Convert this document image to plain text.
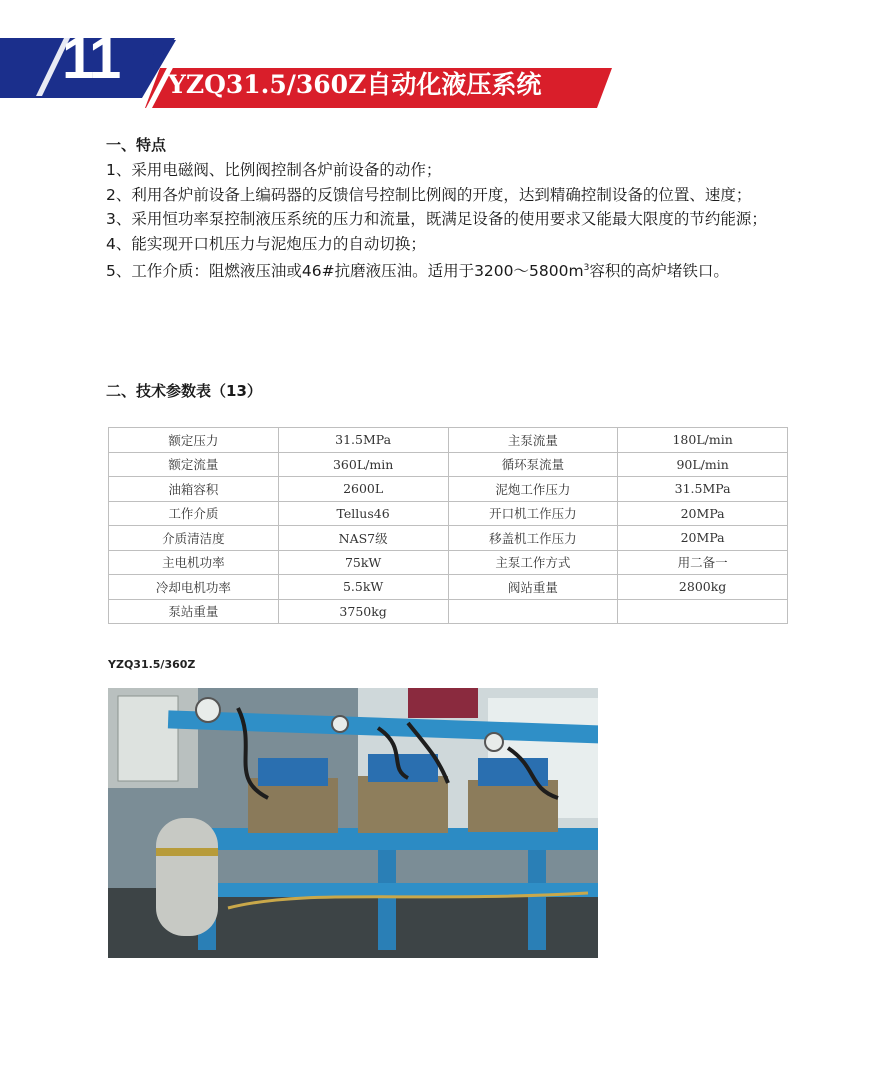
11 YZQ31.5/360Z自动化液压系统
一、特点

1、采用电磁阀、比例阀控制各炉前设备的动作；

2、利用各炉前设备上编码器的反馈信号控制比例阀的开度，达到精确控制设备的位置、速度；

3、采用恒功率泵控制液压系统的压力和流量，既满足设备的使用要求又能最大限度的节约能源；

4、能实现开口机压力与泥炮压力的自动切换；

5、工作介质：阻燃液压油或46#抗磨液压油。适用于$3200\sim 5800m^3$容积的高炉堵铁口。

二、技术参数表（13）
额定压力	31.5MPa	主泵流量	180L/min
额定流量	360L/min	循环泵流量	90L/min
油箱容积	2600L	泥炮工作压力	31.5MPa
工作介质	Tellus46	开口机工作压力	20MPa
介质清洁度	NAS7级	移盖机工作压力	20MPa
主电机功率	75kW	主泵工作方式	用二备一
冷却电机功率	5.5kW	阀站重量	2800kg
泵站重量	3750kg		
YZQ31.5/360Z
